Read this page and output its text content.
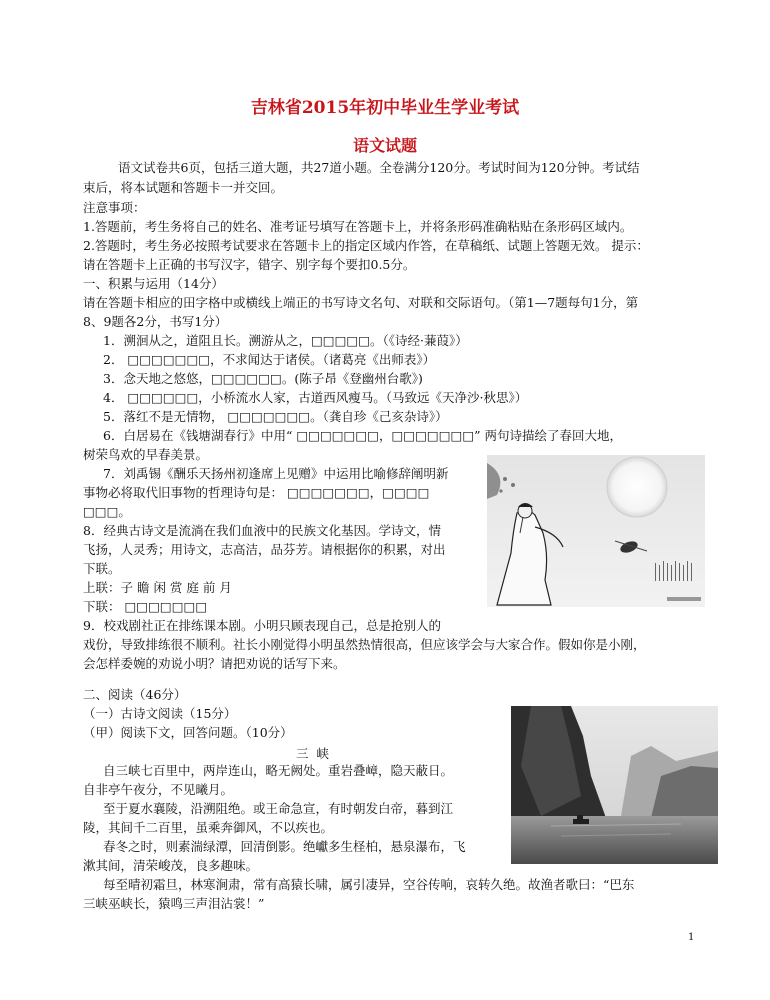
吉林省2015年初中毕业生学业考试
语文试题
语文试卷共6页，包括三道大题，共27道小题。全卷满分120分。考试时间为120分钟。考试结
束后，将本试题和答题卡一并交回。
注意事项：
1.答题前，考生务将自己的姓名、准考证号填写在答题卡上，并将条形码准确粘贴在条形码区域内。
2.答题时，考生务必按照考试要求在答题卡上的指定区域内作答，在草稿纸、试题上答题无效。 提示：
请在答题卡上正确的书写汉字，错字、别字每个要扣0.5分。
一、积累与运用（14分）
请在答题卡相应的田字格中或横线上端正的书写诗文名句、对联和交际语句。（第1—7题每句1分，第
8、9题各2分，书写1分）
1．溯洄从之，道阻且长。溯游从之，□□□□□。（《诗经·蒹葭》）
2． □□□□□□□，不求闻达于诸侯。（诸葛亮《出师表》）
3．念天地之悠悠，□□□□□□。(陈子昂《登幽州台歌》)
4． □□□□□□，小桥流水人家，古道西风瘦马。（马致远《天净沙·秋思》）
5．落红不是无情物， □□□□□□□。（龚自珍《己亥杂诗》）
6．白居易在《钱塘湖春行》中用“ □□□□□□□，□□□□□□□” 两句诗描绘了春回大地，
树荣鸟欢的早春美景。
7．刘禹锡《酬乐天扬州初逢席上见赠》中运用比喻修辞阐明新
事物必将取代旧事物的哲理诗句是： □□□□□□□，□□□□
□□□。
8．经典古诗文是流淌在我们血液中的民族文化基因。学诗文，情
飞扬，人灵秀；用诗文，志高洁，品芬芳。请根据你的积累，对出
下联。
上联：子 瞻 闲 赏 庭 前 月
下联： □□□□□□□
9．校戏剧社正在排练课本剧。小明只顾表现自己，总是抢别人的
戏份，导致排练很不顺利。社长小刚觉得小明虽然热情很高，但应该学会与大家合作。假如你是小刚，
会怎样委婉的劝说小明？请把劝说的话写下来。
二、阅读（46分）
（一）古诗文阅读（15分）
（甲）阅读下文，回答问题。（10分）
三峡
自三峡七百里中，两岸连山，略无阙处。重岩叠嶂，隐天蔽日。
自非亭午夜分，不见曦月。
至于夏水襄陵，沿溯阻绝。或王命急宣，有时朝发白帝，暮到江
陵，其间千二百里，虽乘奔御风，不以疾也。
春冬之时，则素湍绿潭，回清倒影。绝巘多生柽柏，悬泉瀑布，飞
漱其间，清荣峻茂，良多趣味。
每至晴初霜旦，林寒涧肃，常有高猿长啸，属引凄异，空谷传响，哀转久绝。故渔者歌曰：“巴东
三峡巫峡长，猿鸣三声泪沾裳！”
1
